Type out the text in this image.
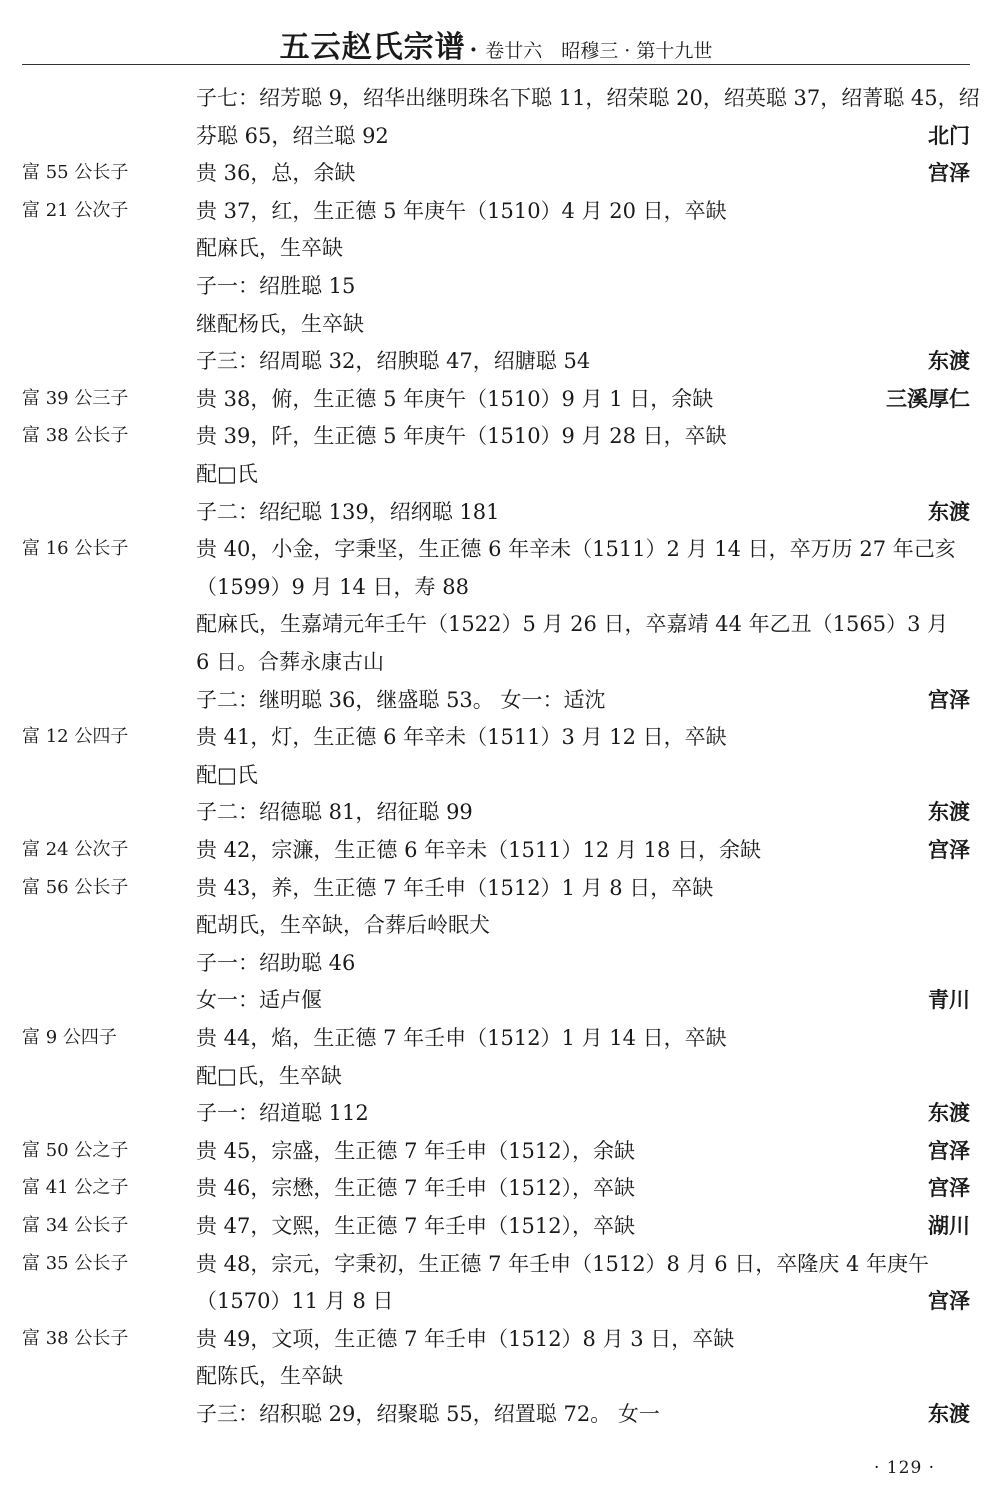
五云赵氏宗谱 · 卷廿六　昭穆三 · 第十九世
子七：绍芳聪 9，绍华出继明珠名下聪 11，绍荣聪 20，绍英聪 37，绍菁聪 45，绍
芬聪 65，绍兰聪 92	北门
富 55 公长子	贵 36，总，余缺	宫泽
富 21 公次子	贵 37，红，生正德 5 年庚午（1510）4 月 20 日，卒缺
配麻氏，生卒缺
子一：绍胜聪 15
继配杨氏，生卒缺
子三：绍周聪 32，绍腴聪 47，绍膅聪 54	东渡
富 39 公三子	贵 38，俯，生正德 5 年庚午（1510）9 月 1 日，余缺	三溪厚仁
富 38 公长子	贵 39，阡，生正德 5 年庚午（1510）9 月 28 日，卒缺
配□氏
子二：绍纪聪 139，绍纲聪 181	东渡
富 16 公长子	贵 40，小金，字秉坚，生正德 6 年辛未（1511）2 月 14 日，卒万历 27 年己亥
（1599）9 月 14 日，寿 88
配麻氏，生嘉靖元年壬午（1522）5 月 26 日，卒嘉靖 44 年乙丑（1565）3 月
6 日。合葬永康古山
子二：继明聪 36，继盛聪 53。 女一：适沈	宫泽
富 12 公四子	贵 41，灯，生正德 6 年辛未（1511）3 月 12 日，卒缺
配□氏
子二：绍德聪 81，绍征聪 99	东渡
富 24 公次子	贵 42，宗濂，生正德 6 年辛未（1511）12 月 18 日，余缺	宫泽
富 56 公长子	贵 43，养，生正德 7 年壬申（1512）1 月 8 日，卒缺
配胡氏，生卒缺，合葬后岭眠犬
子一：绍助聪 46
女一：适卢偃	青川
富 9 公四子	贵 44，焰，生正德 7 年壬申（1512）1 月 14 日，卒缺
配□氏，生卒缺
子一：绍道聪 112	东渡
富 50 公之子	贵 45，宗盛，生正德 7 年壬申（1512），余缺	宫泽
富 41 公之子	贵 46，宗懋，生正德 7 年壬申（1512），卒缺	宫泽
富 34 公长子	贵 47，文熙，生正德 7 年壬申（1512），卒缺	湖川
富 35 公长子	贵 48，宗元，字秉初，生正德 7 年壬申（1512）8 月 6 日，卒隆庆 4 年庚午
（1570）11 月 8 日	宫泽
富 38 公长子	贵 49，文项，生正德 7 年壬申（1512）8 月 3 日，卒缺
配陈氏，生卒缺
子三：绍积聪 29，绍聚聪 55，绍置聪 72。 女一	东渡
· 129 ·
